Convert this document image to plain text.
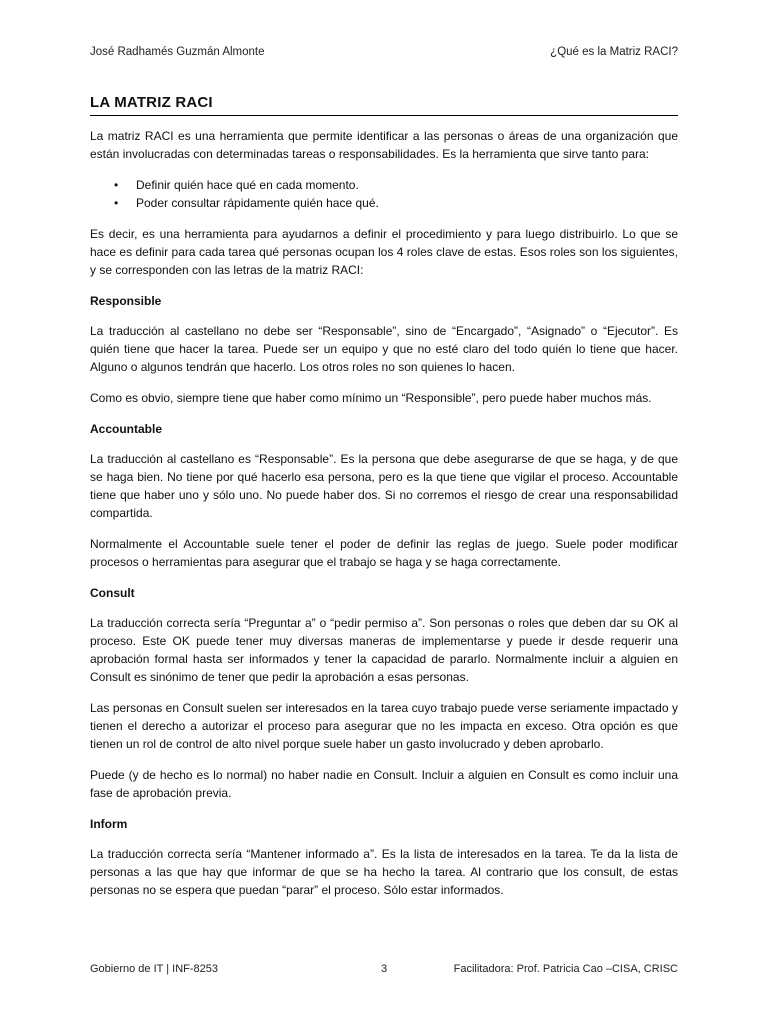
José Radhamés Guzmán Almonte	¿Qué es la Matriz RACI?
LA MATRIZ RACI

La matriz RACI es una herramienta que permite identificar a las personas o áreas de una organización que están involucradas con determinadas tareas o responsabilidades. Es la herramienta que sirve tanto para:

• Definir quién hace qué en cada momento.
• Poder consultar rápidamente quién hace qué.

Es decir, es una herramienta para ayudarnos a definir el procedimiento y para luego distribuirlo. Lo que se hace es definir para cada tarea qué personas ocupan los 4 roles clave de estas. Esos roles son los siguientes, y se corresponden con las letras de la matriz RACI:

Responsible

La traducción al castellano no debe ser “Responsable”, sino de “Encargado”, “Asignado” o “Ejecutor”. Es quién tiene que hacer la tarea. Puede ser un equipo y que no esté claro del todo quién lo tiene que hacer. Alguno o algunos tendrán que hacerlo. Los otros roles no son quienes lo hacen.

Como es obvio, siempre tiene que haber como mínimo un “Responsible”, pero puede haber muchos más.

Accountable

La traducción al castellano es “Responsable”. Es la persona que debe asegurarse de que se haga, y de que se haga bien. No tiene por qué hacerlo esa persona, pero es la que tiene que vigilar el proceso. Accountable tiene que haber uno y sólo uno. No puede haber dos. Si no corremos el riesgo de crear una responsabilidad compartida.

Normalmente el Accountable suele tener el poder de definir las reglas de juego. Suele poder modificar procesos o herramientas para asegurar que el trabajo se haga y se haga correctamente.

Consult

La traducción correcta sería “Preguntar a” o “pedir permiso a”. Son personas o roles que deben dar su OK al proceso. Este OK puede tener muy diversas maneras de implementarse y puede ir desde requerir una aprobación formal hasta ser informados y tener la capacidad de pararlo. Normalmente incluir a alguien en Consult es sinónimo de tener que pedir la aprobación a esas personas.

Las personas en Consult suelen ser interesados en la tarea cuyo trabajo puede verse seriamente impactado y tienen el derecho a autorizar el proceso para asegurar que no les impacta en exceso. Otra opción es que tienen un rol de control de alto nivel porque suele haber un gasto involucrado y deben aprobarlo.

Puede (y de hecho es lo normal) no haber nadie en Consult. Incluir a alguien en Consult es como incluir una fase de aprobación previa.

Inform

La traducción correcta sería “Mantener informado a”. Es la lista de interesados en la tarea. Te da la lista de personas a las que hay que informar de que se ha hecho la tarea. Al contrario que los consult, de estas personas no se espera que puedan “parar” el proceso. Sólo estar informados.

Gobierno de IT | INF-8253	3	Facilitadora: Prof. Patricia Cao –CISA, CRISC
